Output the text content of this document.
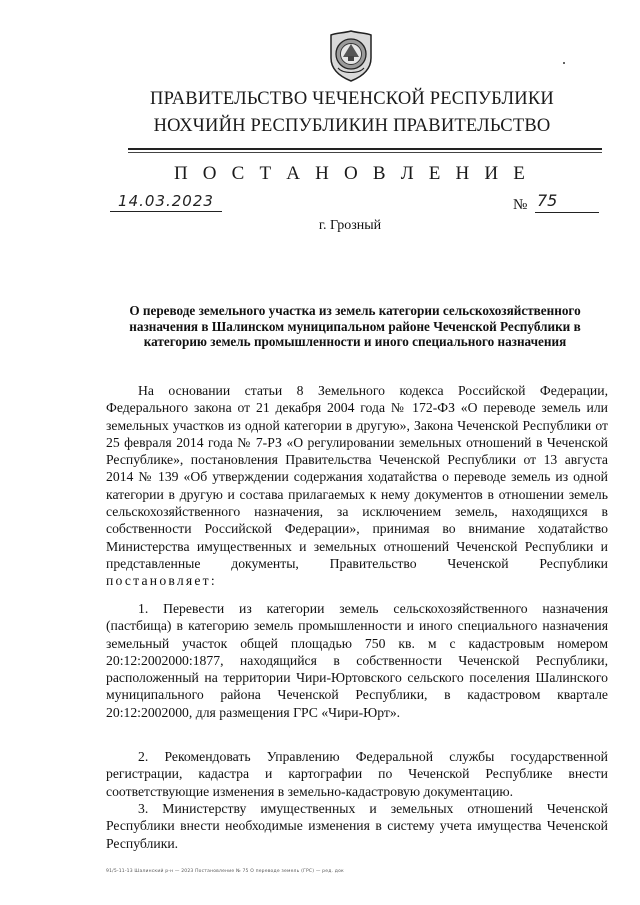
ПРАВИТЕЛЬСТВО ЧЕЧЕНСКОЙ РЕСПУБЛИКИ
НОХЧИЙН РЕСПУБЛИКИН ПРАВИТЕЛЬСТВО
П О С Т А Н О В Л Е Н И Е
14.03.2023	№ 75
г. Грозный
О переводе земельного участка из земель категории сельскохозяйственного назначения в Шалинском муниципальном районе Чеченской Республики в категорию земель промышленности и иного специального назначения

На основании статьи 8 Земельного кодекса Российской Федерации, Федерального закона от 21 декабря 2004 года № 172-ФЗ «О переводе земель или земельных участков из одной категории в другую», Закона Чеченской Республики от 25 февраля 2014 года № 7-РЗ «О регулировании земельных отношений в Чеченской Республике», постановления Правительства Чеченской Республики от 13 августа 2014 № 139 «Об утверждении содержания ходатайства о переводе земель из одной категории в другую и состава прилагаемых к нему документов в отношении земель сельскохозяйственного назначения, за исключением земель, находящихся в собственности Российской Федерации», принимая во внимание ходатайство Министерства имущественных и земельных отношений Чеченской Республики и представленные документы, Правительство Чеченской Республики постановляет:

1. Перевести из категории земель сельскохозяйственного назначения (пастбища) в категорию земель промышленности и иного специального назначения земельный участок общей площадью 750 кв. м с кадастровым номером 20:12:2002000:1877, находящийся в собственности Чеченской Республики, расположенный на территории Чири-Юртовского сельского поселения Шалинского муниципального района Чеченской Республики, в кадастровом квартале 20:12:2002000, для размещения ГРС «Чири-Юрт».

2. Рекомендовать Управлению Федеральной службы государственной регистрации, кадастра и картографии по Чеченской Республике внести соответствующие изменения в земельно-кадастровую документацию.

3. Министерству имущественных и земельных отношений Чеченской Республики внести необходимые изменения в систему учета имущества Чеченской Республики.

91/5-11-13 Шалинский р-н — 2023 Постановление № 75 О переводе земель (ГРС) — ред. док
